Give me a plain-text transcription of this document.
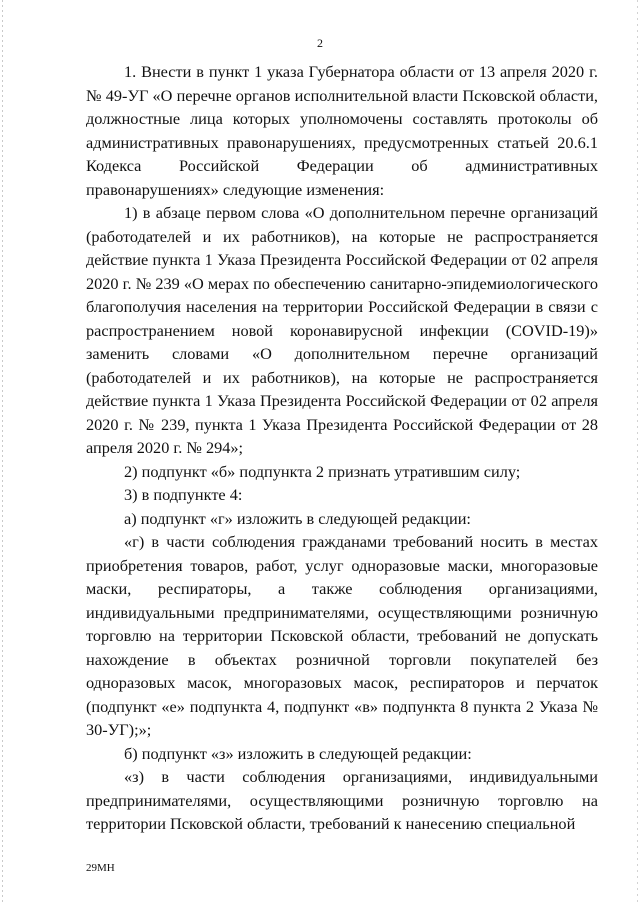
2

1. Внести в пункт 1 указа Губернатора области от 13 апреля 2020 г. № 49-УГ «О перечне органов исполнительной власти Псковской области, должностные лица которых уполномочены составлять протоколы об административных правонарушениях, предусмотренных статьей 20.6.1 Кодекса Российской Федерации об административных правонарушениях» следующие изменения:

1) в абзаце первом слова «О дополнительном перечне организаций (работодателей и их работников), на которые не распространяется действие пункта 1 Указа Президента Российской Федерации от 02 апреля 2020 г. № 239 «О мерах по обеспечению санитарно-эпидемиологического благополучия населения на территории Российской Федерации в связи с распространением новой коронавирусной инфекции (COVID-19)» заменить словами «О дополнительном перечне организаций (работодателей и их работников), на которые не распространяется действие пункта 1 Указа Президента Российской Федерации от 02 апреля 2020 г. № 239, пункта 1 Указа Президента Российской Федерации от 28 апреля 2020 г. № 294»;

2) подпункт «б» подпункта 2 признать утратившим силу;

3) в подпункте 4:

а) подпункт «г» изложить в следующей редакции:

«г) в части соблюдения гражданами требований носить в местах приобретения товаров, работ, услуг одноразовые маски, многоразовые маски, респираторы, а также соблюдения организациями, индивидуальными предпринимателями, осуществляющими розничную торговлю на территории Псковской области, требований не допускать нахождение в объектах розничной торговли покупателей без одноразовых масок, многоразовых масок, респираторов и перчаток (подпункт «е» подпункта 4, подпункт «в» подпункта 8 пункта 2 Указа № 30-УГ);»;

б) подпункт «з» изложить в следующей редакции:

«з) в части соблюдения организациями, индивидуальными предпринимателями, осуществляющими розничную торговлю на территории Псковской области, требований к нанесению специальной

29МН
